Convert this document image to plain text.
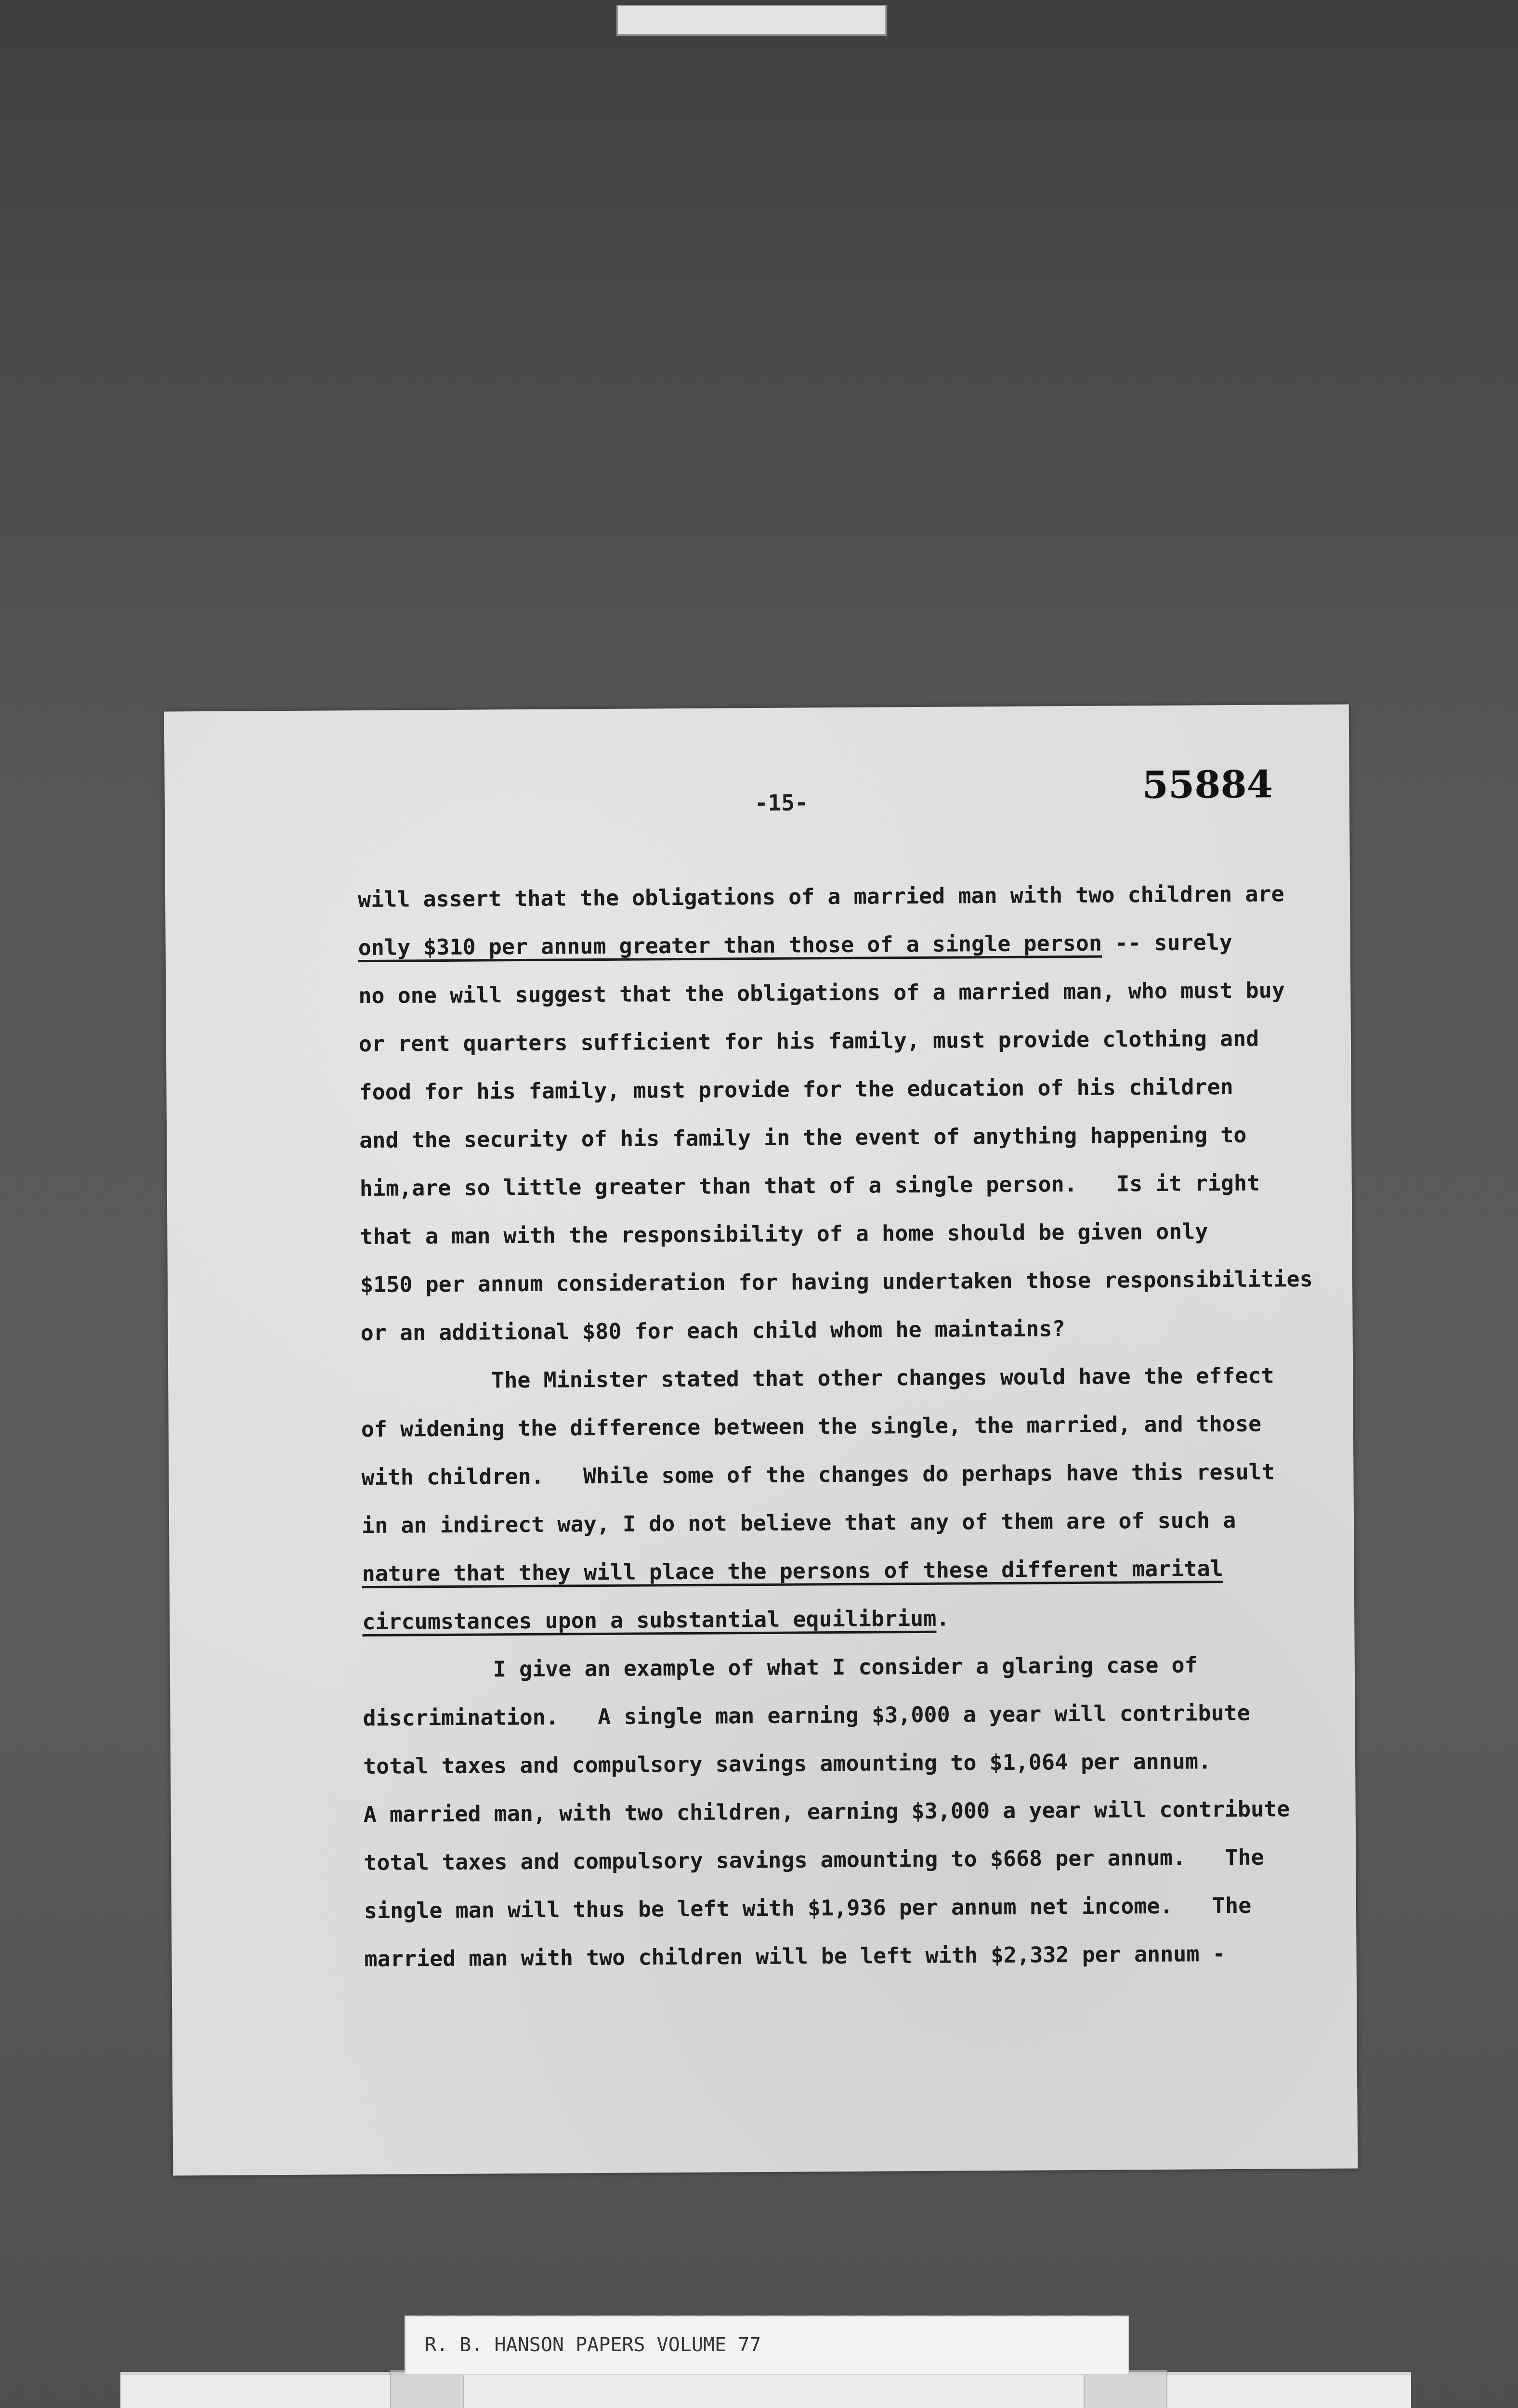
-15-	55884
will assert that the obligations of a married man with two children are
only $310 per annum greater than those of a single person -- surely
no one will suggest that the obligations of a married man, who must buy
or rent quarters sufficient for his family, must provide clothing and
food for his family, must provide for the education of his children
and the security of his family in the event of anything happening to
him,are so little greater than that of a single person.   Is it right
that a man with the responsibility of a home should be given only
$150 per annum consideration for having undertaken those responsibilities
or an additional $80 for each child whom he maintains?
The Minister stated that other changes would have the effect
of widening the difference between the single, the married, and those
with children.   While some of the changes do perhaps have this result
in an indirect way, I do not believe that any of them are of such a
nature that they will place the persons of these different marital
circumstances upon a substantial equilibrium.
I give an example of what I consider a glaring case of
discrimination.   A single man earning $3,000 a year will contribute
total taxes and compulsory savings amounting to $1,064 per annum.
A married man, with two children, earning $3,000 a year will contribute
total taxes and compulsory savings amounting to $668 per annum.   The
single man will thus be left with $1,936 per annum net income.   The
married man with two children will be left with $2,332 per annum -
R. B. HANSON PAPERS VOLUME 77
